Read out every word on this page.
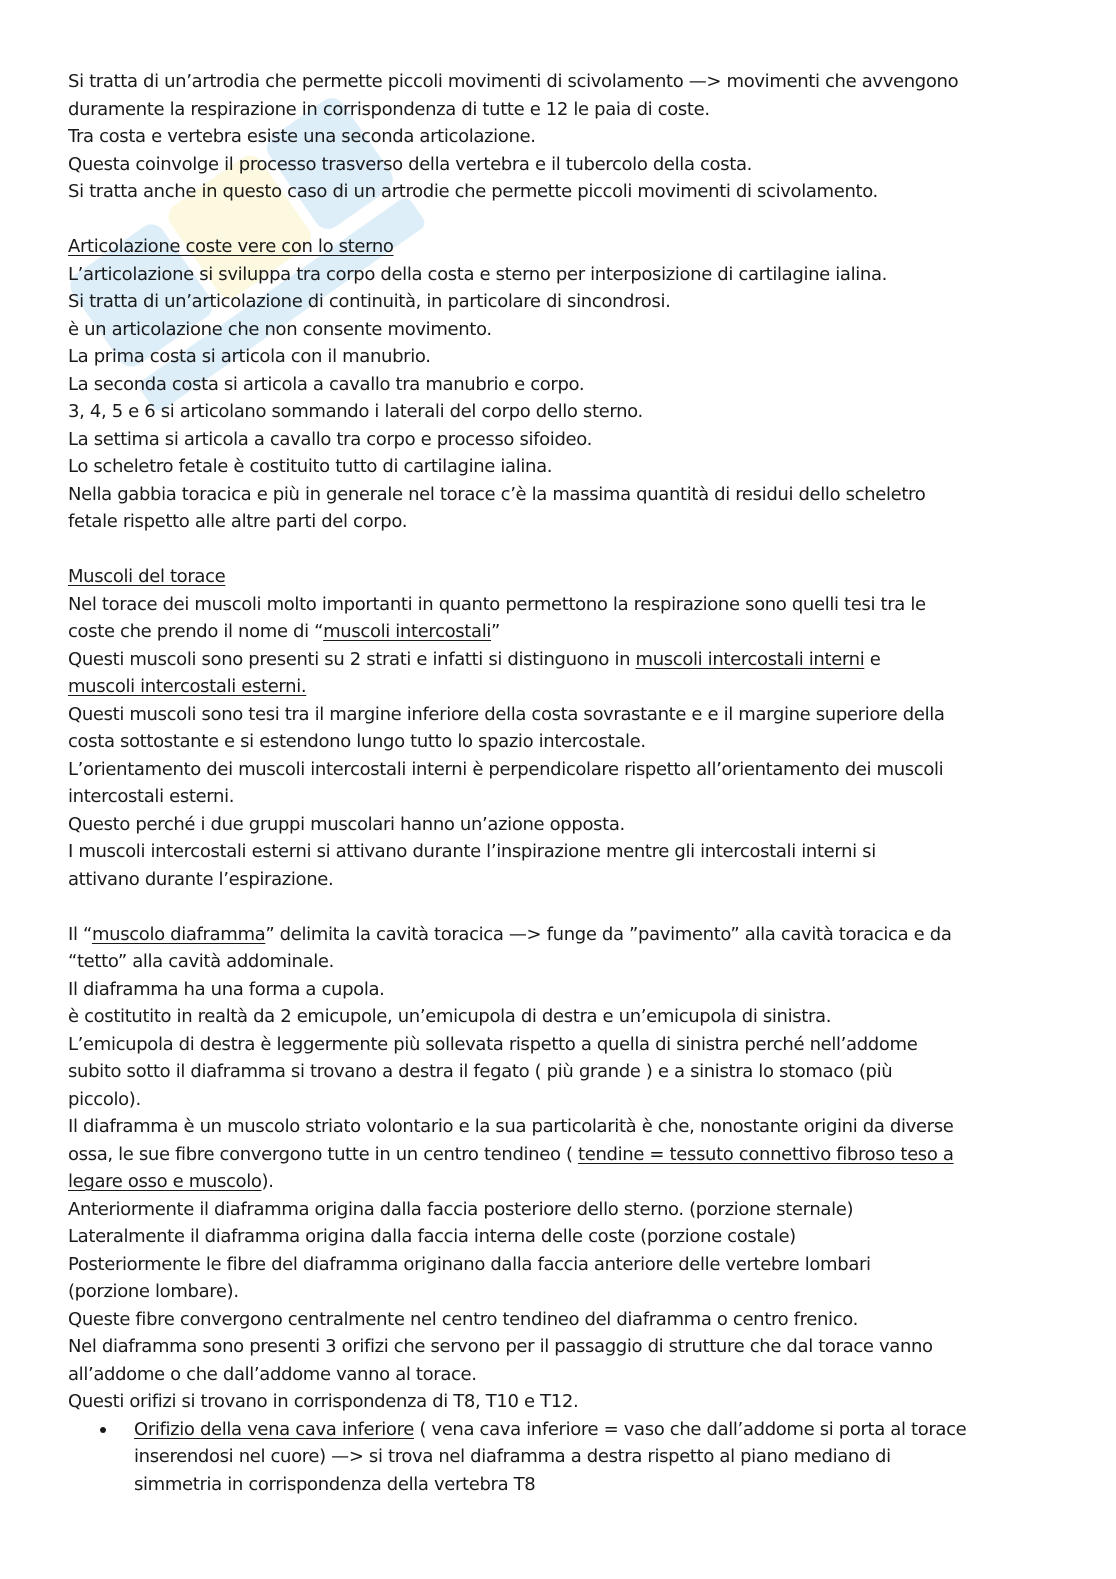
Si tratta di un’artrodia che permette piccoli movimenti di scivolamento —> movimenti che avvengono
duramente la respirazione in corrispondenza di tutte e 12 le paia di coste.
Tra costa e vertebra esiste una seconda articolazione.
Questa coinvolge il processo trasverso della vertebra e il tubercolo della costa.
Si tratta anche in questo caso di un artrodie che permette piccoli movimenti di scivolamento.
Articolazione coste vere con lo sterno
L’articolazione si sviluppa tra corpo della costa e sterno per interposizione di cartilagine ialina.
Si tratta di un’articolazione di continuità, in particolare di sincondrosi.
è un articolazione che non consente movimento.
La prima costa si articola con il manubrio.
La seconda costa si articola a cavallo tra manubrio e corpo.
3, 4, 5 e 6 si articolano sommando i laterali del corpo dello sterno.
La settima si articola a cavallo tra corpo e processo sifoideo.
Lo scheletro fetale è costituito tutto di cartilagine ialina.
Nella gabbia toracica e più in generale nel torace c’è la massima quantità di residui dello scheletro
fetale rispetto alle altre parti del corpo.
Muscoli del torace
Nel torace dei muscoli molto importanti in quanto permettono la respirazione sono quelli tesi tra le
coste che prendo il nome di “muscoli intercostali”
Questi muscoli sono presenti su 2 strati e infatti si distinguono in muscoli intercostali interni e
muscoli intercostali esterni.
Questi muscoli sono tesi tra il margine inferiore della costa sovrastante e e il margine superiore della
costa sottostante e si estendono lungo tutto lo spazio intercostale.
L’orientamento dei muscoli intercostali interni è perpendicolare rispetto all’orientamento dei muscoli
intercostali esterni.
Questo perché i due gruppi muscolari hanno un’azione opposta.
I muscoli intercostali esterni si attivano durante l’inspirazione mentre gli intercostali interni si
attivano durante l’espirazione.
Il “muscolo diaframma” delimita la cavità toracica —> funge da ”pavimento” alla cavità toracica e da
“tetto” alla cavità addominale.
Il diaframma ha una forma a cupola.
è costitutito in realtà da 2 emicupole, un’emicupola di destra e un’emicupola di sinistra.
L’emicupola di destra è leggermente più sollevata rispetto a quella di sinistra perché nell’addome
subito sotto il diaframma si trovano a destra il fegato ( più grande ) e a sinistra lo stomaco (più
piccolo).
Il diaframma è un muscolo striato volontario e la sua particolarità è che, nonostante origini da diverse
ossa, le sue fibre convergono tutte in un centro tendineo ( tendine = tessuto connettivo fibroso teso a
legare osso e muscolo).
Anteriormente il diaframma origina dalla faccia posteriore dello sterno. (porzione sternale)
Lateralmente il diaframma origina dalla faccia interna delle coste (porzione costale)
Posteriormente le fibre del diaframma originano dalla faccia anteriore delle vertebre lombari
(porzione lombare).
Queste fibre convergono centralmente nel centro tendineo del diaframma o centro frenico.
Nel diaframma sono presenti 3 orifizi che servono per il passaggio di strutture che dal torace vanno
all’addome o che dall’addome vanno al torace.
Questi orifizi si trovano in corrispondenza di T8, T10 e T12.
Orifizio della vena cava inferiore ( vena cava inferiore = vaso che dall’addome si porta al torace
inserendosi nel cuore) —> si trova nel diaframma a destra rispetto al piano mediano di
simmetria in corrispondenza della vertebra T8
